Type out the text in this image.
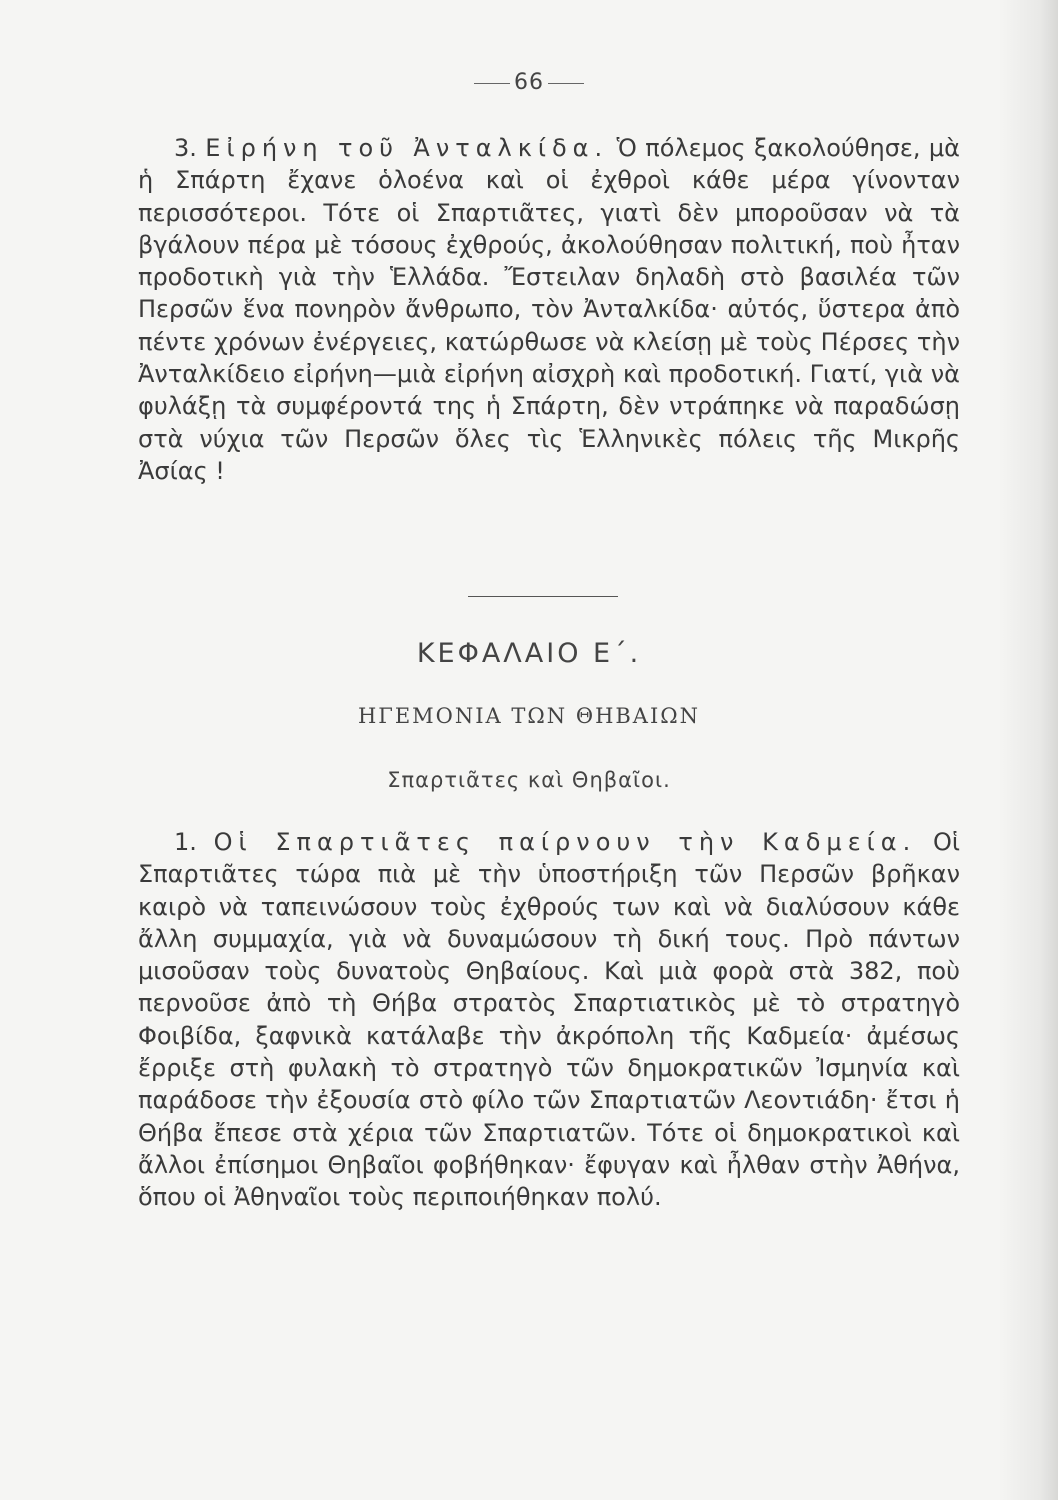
66

3. Εἰρήνη τοῦ Ἀνταλκίδα. Ὁ πόλεμος ξακολούθησε, μὰ ἡ Σπάρτη ἔχανε ὁλοένα καὶ οἱ ἐχθροὶ κάθε μέρα γίνονταν περισσότεροι. Τότε οἱ Σπαρτιᾶτες, γιατὶ δὲν μποροῦσαν νὰ τὰ βγάλουν πέρα μὲ τόσους ἐχθρούς, ἀκολούθησαν πολιτική, ποὺ ἦταν προδοτικὴ γιὰ τὴν Ἑλλάδα. Ἔστειλαν δηλαδὴ στὸ βασιλέα τῶν Περσῶν ἕνα πονηρὸν ἄνθρωπο, τὸν Ἀνταλκίδα· αὐτός, ὕστερα ἀπὸ πέντε χρόνων ἐνέργειες, κατώρθωσε νὰ κλείσῃ μὲ τοὺς Πέρσες τὴν Ἀνταλκίδειο εἰρήνη—μιὰ εἰρήνη αἰσχρὴ καὶ προδοτική. Γιατί, γιὰ νὰ φυλάξῃ τὰ συμφέροντά της ἡ Σπάρτη, δὲν ντράπηκε νὰ παραδώσῃ στὰ νύχια τῶν Περσῶν ὅλες τὶς Ἑλληνικὲς πόλεις τῆς Μικρῆς Ἀσίας !

ΚΕΦΑΛΑΙΟ Ε΄.
ΗΓΕΜΟΝΙΑ ΤΩΝ ΘΗΒΑΙΩΝ
Σπαρτιᾶτες καὶ Θηβαῖοι.

1. Οἱ Σπαρτιᾶτες παίρνουν τὴν Καδμεία. Οἱ Σπαρτιᾶτες τώρα πιὰ μὲ τὴν ὑποστήριξη τῶν Περσῶν βρῆκαν καιρὸ νὰ ταπεινώσουν τοὺς ἐχθρούς των καὶ νὰ διαλύσουν κάθε ἄλλη συμμαχία, γιὰ νὰ δυναμώσουν τὴ δική τους. Πρὸ πάντων μισοῦσαν τοὺς δυνατοὺς Θηβαίους. Καὶ μιὰ φορὰ στὰ 382, ποὺ περνοῦσε ἀπὸ τὴ Θήβα στρατὸς Σπαρτιατικὸς μὲ τὸ στρατηγὸ Φοιβίδα, ξαφνικὰ κατάλαβε τὴν ἀκρόπολη τῆς Καδμεία· ἀμέσως ἔρριξε στὴ φυλακὴ τὸ στρατηγὸ τῶν δημοκρατικῶν Ἰσμηνία καὶ παράδοσε τὴν ἐξουσία στὸ φίλο τῶν Σπαρτιατῶν Λεοντιάδη· ἔτσι ἡ Θήβα ἔπεσε στὰ χέρια τῶν Σπαρτιατῶν. Τότε οἱ δημοκρατικοὶ καὶ ἄλλοι ἐπίσημοι Θηβαῖοι φοβήθηκαν· ἔφυγαν καὶ ἦλθαν στὴν Ἀθήνα, ὅπου οἱ Ἀθηναῖοι τοὺς περιποιήθηκαν πολύ.
